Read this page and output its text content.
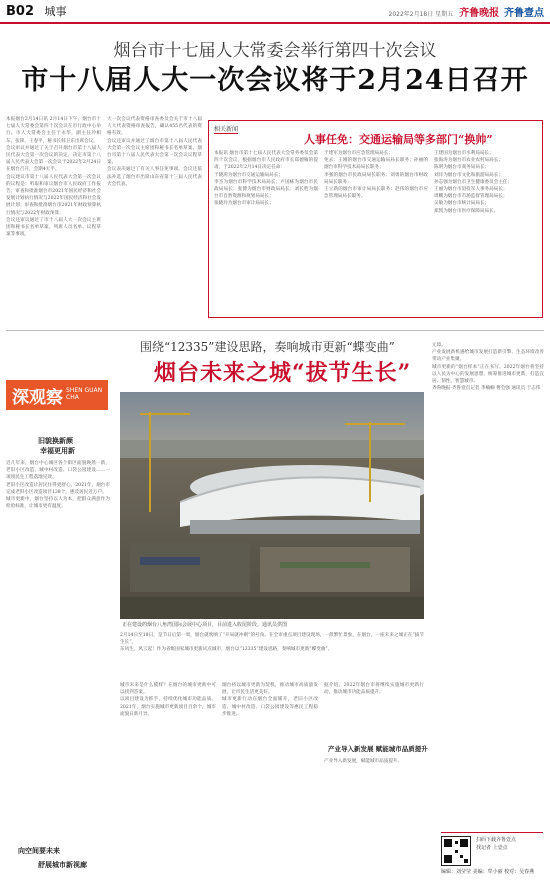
B02 城事	2022年2月18日 星期五 齐鲁晚报 齐鲁壹点
烟台市十七届人大常委会举行第四十次会议
市十八届人大一次会议将于2月24日召开
本报烟台2月14日讯 2月14日下午，烟台市十七届人大常委会第四十次会议在市行政中心举行。市人大常委会主任于永华，副主任冷相东、张锋、王春平，秘书长韩卫东出席会议。
会议审议并通过了关于召开烟台市第十八届人民代表大会第一次会议的决定，决定市第十八届人民代表大会第一次会议于2022年2月24日在烟台召开，会期4天半。
会议建议市第十八届人民代表大会第一次会议的议程是：听取和审议烟台市人民政府工作报告；审查和批准烟台市2021年国民经济和社会发展计划执行情况与2022年国民经济和社会发展计划；审查和批准烟台市2021年财政预算执行情况与2022年财政预算；
会议还审议通过了市十八届人大一次会议主席团和秘书长名单草案、列席人员名单、议程草案等事项。
大一次会议代表资格审查委员会关于市十八届人大代表资格审查报告，确认455名代表的资格有效。
会议还审议并通过了烟台市第十八届人民代表大会第一次会议主席团和秘书长名单草案、烟台市第十八届人民代表大会第一次会议议程草案。
会议表决通过了有关人事任免事项。会议还依法补选了烟台市出席山东省第十三届人民代表大会代表。
相关新闻
人事任免：交通运输局等多部门“换帅”
本报讯 烟台市第十七届人民代表大会常务委员会第四十次会议，根据烟台市人民政府市长郑德雁的提请，于2022年2月14日决定任命：
于晓鸿为烟台市交通运输局局长；
李杰为烟台市科学技术局局长；卢国栋为烟台市民政局局长；张博为烟台市财政局局长；刘长胜为烟台市自然资源和规划局局长；
张晓玲为烟台市审计局局长；
于建军为烟台市应急管理局局长；
免去：王刚的烟台市交通运输局局长职务；孙丽的烟台市科学技术局局长职务；
李强的烟台市民政局局长职务；刘勇的烟台市财政局局长职务；
王立新的烟台市审计局局长职务；赵伟的烟台市应急管理局局长职务。
王建国为烟台市水利局局长；
张海涛为烟台市农业农村局局长；
陈明为烟台市商务局局长；
刘洋为烟台市文化和旅游局局长；
孙志强为烟台市卫生健康委员会主任；
王丽为烟台市退役军人事务局局长；
周鹏为烟台市市场监督管理局局长；
吴敏为烟台市统计局局长；
郑凯为烟台市医疗保障局局长。
深观察 SHEN GUAN CHA
旧貌换新颜
幸福更用新
近几年来，烟台中心城区各个街区面貌焕然一新，老旧小区改造、城中村改造、口袋公园建设……一项项民生工程落地见效。
老旧小区改造让居民住得更舒心。2021年，烟台市完成老旧小区改造项目138个，惠及居民近万户。
城市更新中，烟台坚持以人为本，把群众满意作为检验标准，让城市更有温度。
向空间要未来
舒展城市新视廊
围绕“12335”建设思路，奏响城市更新“蝶变曲”
烟台未来之城“拔节生长”
正在建设的烟台八角湾国际会展中心项目，目前进入收尾阶段。通讯员供图
2月14日至18日，是节日后第一周，烟台就吹响了“开局就冲刺”的号角。在全市重点项目建设现场，一派繁忙景象，在烟台，一座未来之城正在“拔节生长”。
东风生，风云起！作为省级国家城市更新试点城市，烟台以“12335”建设思路，奏响城市更新“蝶变曲”。
城市未来是什么模样？在烟台的城市更新中可以找到答案。
以项目建设为抓手，持续优化城市功能品质。2021年，烟台实施城市更新项目百余个，城市面貌日新月异。
烟台将以城市更新为契机，推动城市高质量发展，让市民生活更美好。
城市更新行动在烟台全面铺开，老旧小区改造、城中村改造、口袋公园建设等惠民工程稳步推进。
产业导入新发展 赋能城市品质提升
据介绍，2022年烟台市将继续实施城市更新行动，推动城市功能品质提升。
产业导入新发展，赋能城市品质提升。
元璋。
产业发展新机遇给城市发展打造新引擎，生态环境改善带动产业集聚。
城市更新的“烟台样本”正在书写。2022年烟台将坚持以人民为中心的发展思想，统筹推进城市更新，打造宜居、韧性、智慧城市。
齐鲁晚报·齐鲁壹点记者 李楠楠 曹会强 通讯员 于志伟
扫码下载齐鲁壹点
找记者 上壹点
编辑：刘莹莹 美编：牟小丽 校对：吴春燕
